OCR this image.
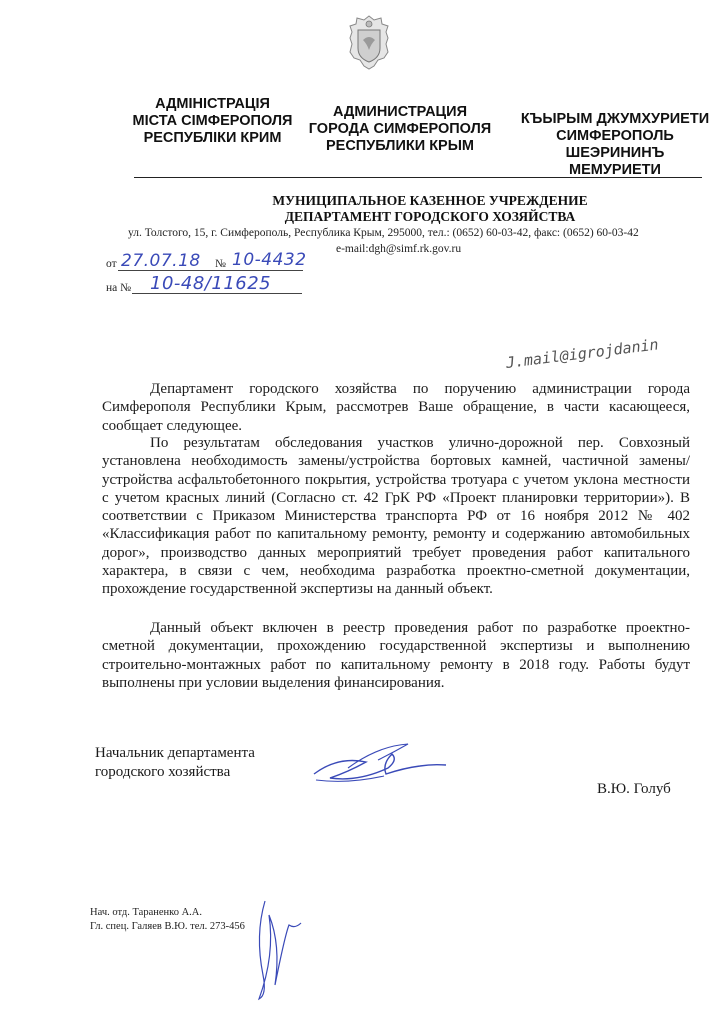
АДМІНІСТРАЦІЯ
МІСТА СІМФЕРОПОЛЯ
РЕСПУБЛІКИ КРИМ
АДМИНИСТРАЦИЯ
ГОРОДА СИМФЕРОПОЛЯ
РЕСПУБЛИКИ КРЫМ
КЪЫРЫМ ДЖУМХУРИЕТИ
СИМФЕРОПОЛЬ
ШЕЭРИНИНЪ
МЕМУРИЕТИ
МУНИЦИПАЛЬНОЕ КАЗЕННОЕ УЧРЕЖДЕНИЕ
ДЕПАРТАМЕНТ ГОРОДСКОГО ХОЗЯЙСТВА
ул. Толстого, 15, г. Симферополь, Республика Крым, 295000, тел.: (0652) 60-03-42, факс: (0652) 60-03-42
e-mail:dgh@simf.rk.gov.ru
от 27.07.18 № 10-4432
на № 10-48/11625
J.mail@igrojdanin

Департамент городского хозяйства по поручению администрации города Симферополя Республики Крым, рассмотрев Ваше обращение, в части касающееся, сообщает следующее.

По результатам обследования участков улично-дорожной пер. Совхозный установлена необходимость замены/устройства бортовых камней, частичной замены/устройства асфальтобетонного покрытия, устройства тротуара с учетом уклона местности с учетом красных линий (Согласно ст. 42 ГрК РФ «Проект планировки территории»). В соответствии с Приказом Министерства транспорта РФ от 16 ноября 2012 № 402 «Классификация работ по капитальному ремонту, ремонту и содержанию автомобильных дорог», производство данных мероприятий требует проведения работ капитального характера, в связи с чем, необходима разработка проектно-сметной документации, прохождение государственной экспертизы на данный объект.

Данный объект включен в реестр проведения работ по разработке проектно-сметной документации, прохождению государственной экспертизы и выполнению строительно-монтажных работ по капитальному ремонту в 2018 году. Работы будут выполнены при условии выделения финансирования.

Начальник департамента
городского хозяйства
В.Ю. Голуб
Нач. отд. Тараненко А.А.
Гл. спец. Галяев В.Ю. тел. 273-456
